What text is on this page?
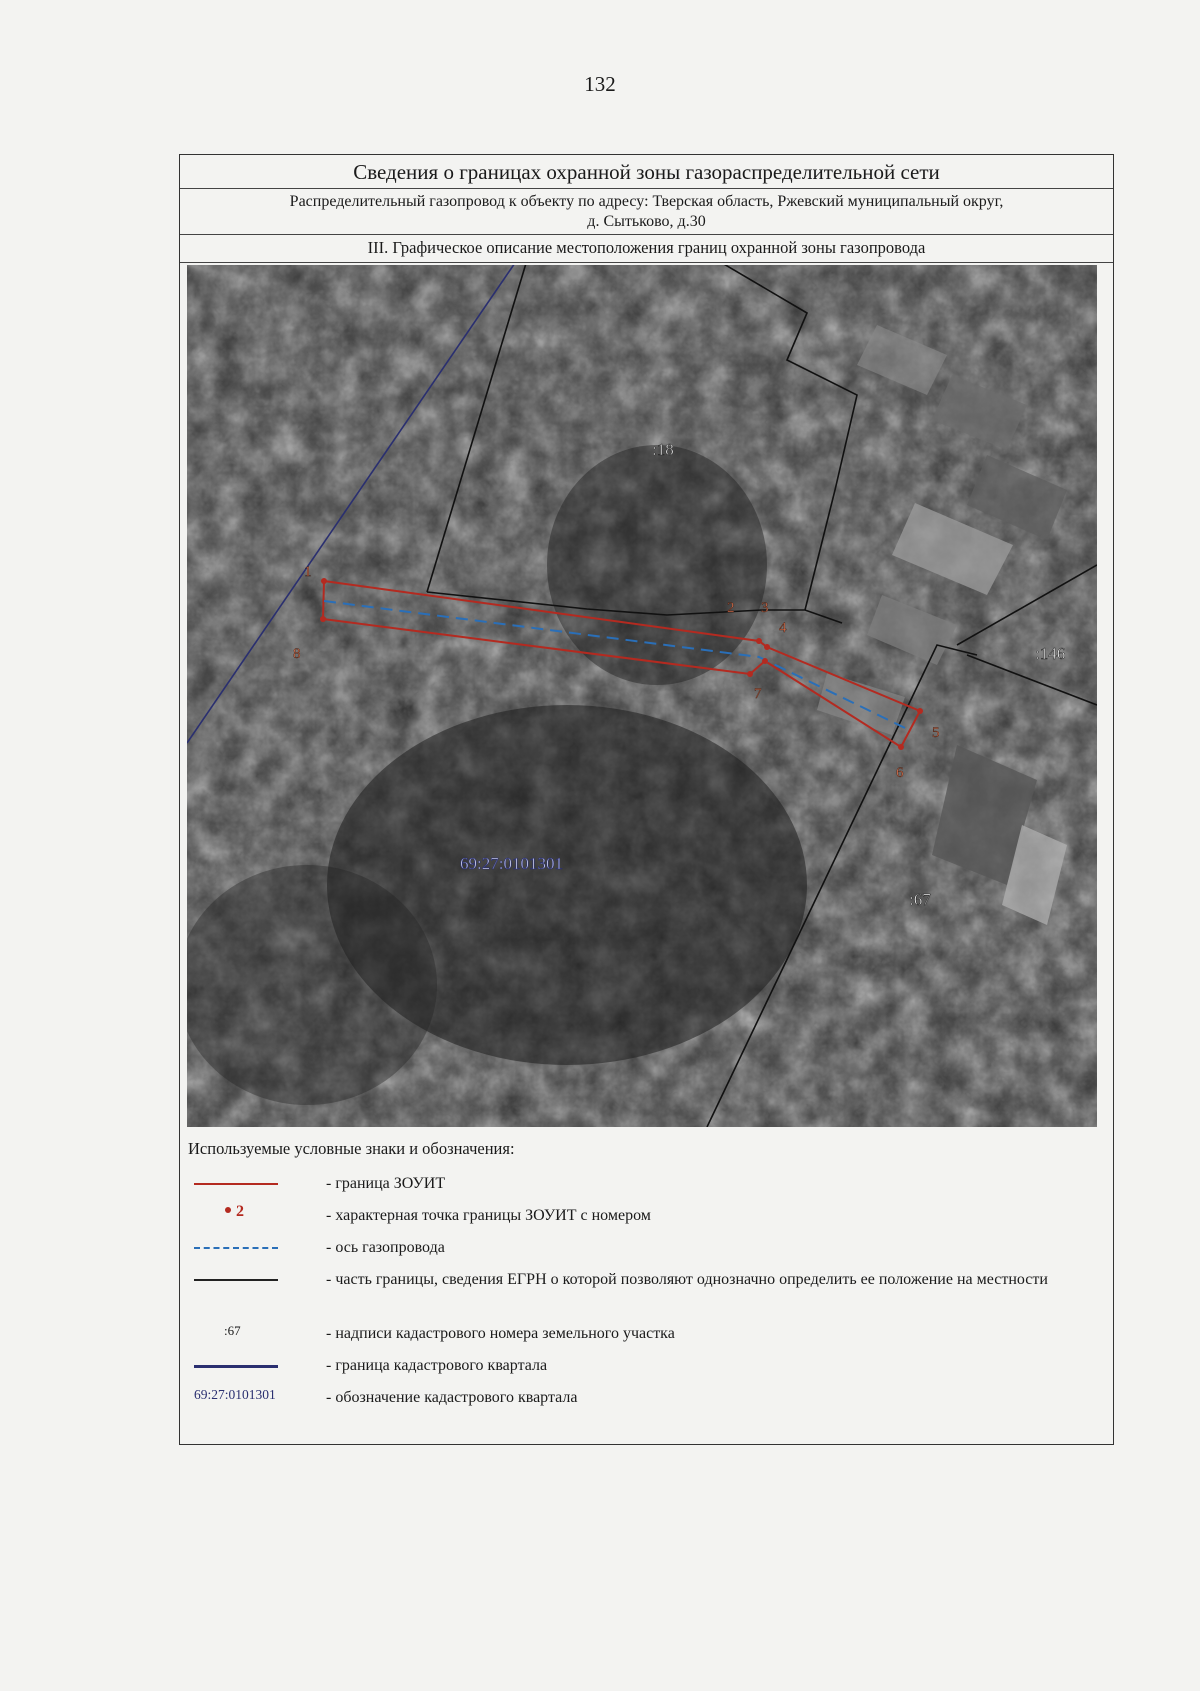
132
Сведения о границах охранной зоны газораспределительной сети
Распределительный газопровод к объекту по адресу: Тверская область, Ржевский муниципальный округ,
д. Сытьково, д.30
III. Графическое описание местоположения границ охранной зоны газопровода
1
2 3
4
5
6
7
8
:18
:146
:67
69:27:0101301
Используемые условные знаки и обозначения:
- граница ЗОУИТ
2	- характерная точка границы ЗОУИТ с номером
- ось газопровода
- часть границы, сведения ЕГРН о которой позволяют однозначно определить ее положение на местности
:67	- надписи кадастрового номера земельного участка
- граница кадастрового квартала
69:27:0101301	- обозначение кадастрового квартала
